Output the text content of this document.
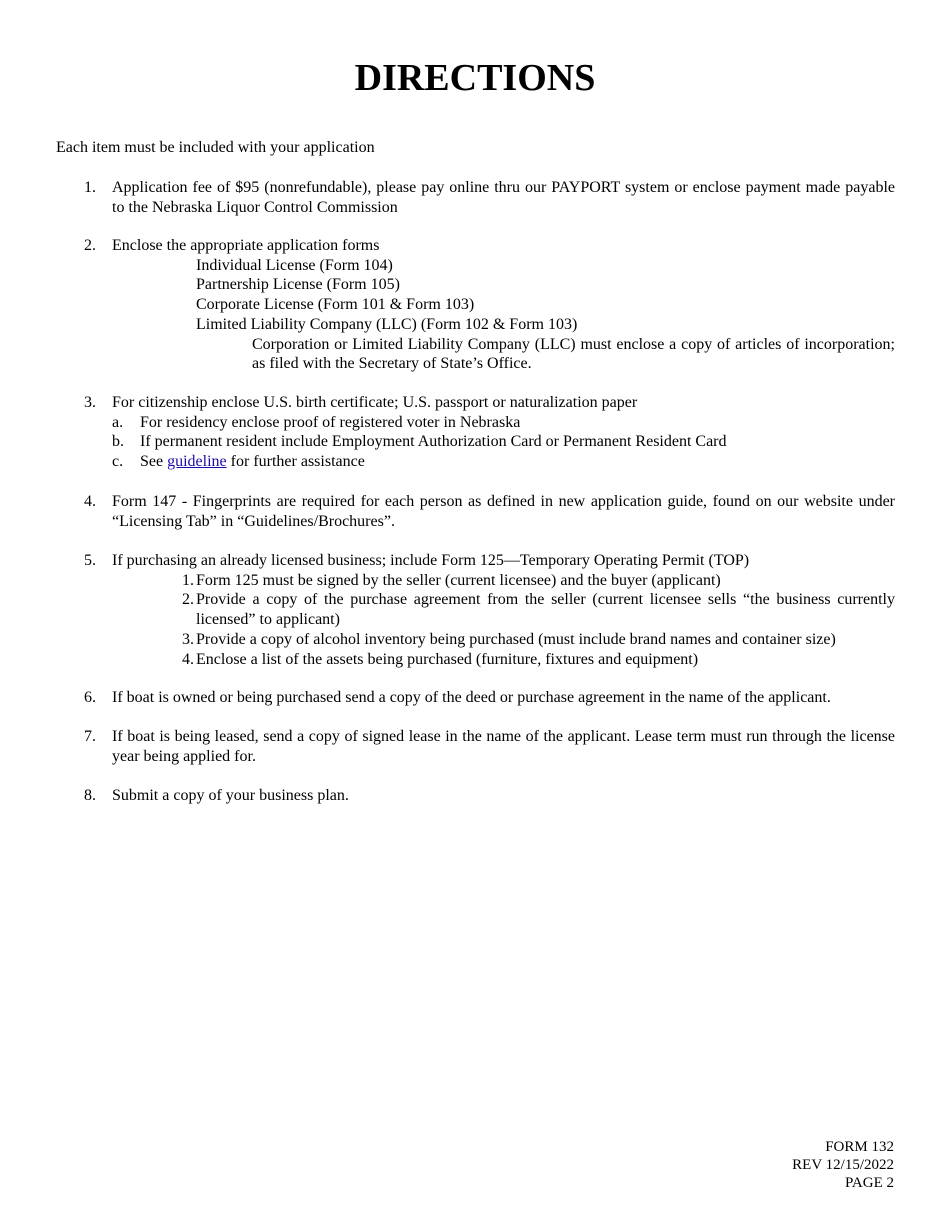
DIRECTIONS
Each item must be included with your application
1. Application fee of $95 (nonrefundable), please pay online thru our PAYPORT system or enclose payment made payable to the Nebraska Liquor Control Commission
2. Enclose the appropriate application forms
Individual License (Form 104)
Partnership License (Form 105)
Corporate License (Form 101 & Form 103)
Limited Liability Company (LLC) (Form 102 & Form 103)
Corporation or Limited Liability Company (LLC) must enclose a copy of articles of incorporation; as filed with the Secretary of State’s Office.
3. For citizenship enclose U.S. birth certificate; U.S. passport or naturalization paper
a. For residency enclose proof of registered voter in Nebraska
b. If permanent resident include Employment Authorization Card or Permanent Resident Card
c. See guideline for further assistance
4. Form 147 - Fingerprints are required for each person as defined in new application guide, found on our website under “Licensing Tab” in “Guidelines/Brochures”.
5. If purchasing an already licensed business; include Form 125—Temporary Operating Permit (TOP)
1. Form 125 must be signed by the seller (current licensee) and the buyer (applicant)
2. Provide a copy of the purchase agreement from the seller (current licensee sells “the business currently licensed” to applicant)
3. Provide a copy of alcohol inventory being purchased (must include brand names and container size)
4. Enclose a list of the assets being purchased (furniture, fixtures and equipment)
6. If boat is owned or being purchased send a copy of the deed or purchase agreement in the name of the applicant.
7. If boat is being leased, send a copy of signed lease in the name of the applicant. Lease term must run through the license year being applied for.
8. Submit a copy of your business plan.
FORM 132
REV 12/15/2022
PAGE 2
